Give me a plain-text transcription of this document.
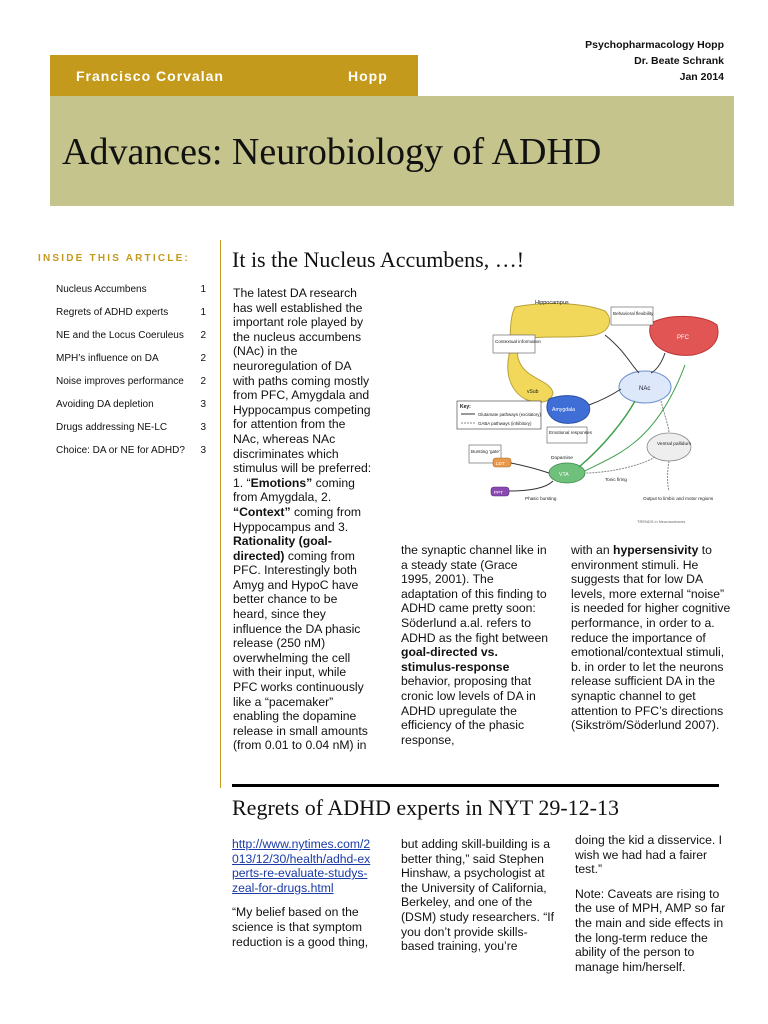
Psychopharmacology Hopp
Dr. Beate Schrank
Jan 2014
Francisco Corvalan	Hopp
Advances: Neurobiology of ADHD
INSIDE THIS ARTICLE:
Nucleus Accumbens	1
Regrets of ADHD experts	1
NE and the Locus Coeruleus 2
MPH’s influence on DA	2
Noise improves performance 2
Avoiding DA depletion	3
Drugs addressing NE-LC	3
Choice: DA or NE for ADHD? 3
It is the Nucleus Accumbens, …!
The latest DA research has well established the important role played by the nucleus accumbens (NAc) in the neuroregulation of DA with paths coming mostly from PFC, Amygdala and Hyppocampus competing for attention from the NAc, whereas NAc discriminates which stimulus will be preferred: 1. “Emotions” coming from Amygdala, 2. “Context” coming from Hyppocampus and 3. Rationality (goal-directed) coming from PFC. Interestingly both Amyg and HypoC have better chance to be heard, since they influence the DA phasic release (250 nM) overwhelming the cell with their input, while PFC works continuously like a “pacemaker” enabling the dopamine release in small amounts (from 0.01 to 0.04 nM) in
the synaptic channel like in a steady state (Grace 1995, 2001). The adaptation of this finding to ADHD came pretty soon: Söderlund a.al. refers to ADHD as the fight between goal-directed vs. stimulus-response behavior, proposing that cronic low levels of DA in ADHD upregulate the efficiency of the phasic response,
with an hypersensivity to environment stimuli. He suggests that for low DA levels, more external “noise” is needed for higher cognitive performance, in order to a. reduce the importance of emotional/contextual stimuli, b. in order to let the neurons release sufficient DA in the synaptic channel to get attention to PFC’s directions (Sikström/Söderlund 2007).
Hippocampus
vSub
Contextual information
PFC
Behavioral flexibility
NAc
Amygdala
Emotional responses
Key:
Glutamate pathways (excitatory)
GABA pathways (inhibitory)
Ventral pallidum
Bursting 'gate'
LDT
VTA
Dopamine
PPT
Phasic bursting
Tonic firing
Output to limbic and motor regions
TRENDS in Neurosciences
Regrets of ADHD experts in NYT 29-12-13

http://www.nytimes.com/2013/12/30/health/adhd-experts-re-evaluate-studys-zeal-for-drugs.html

“My belief based on the science is that symptom reduction is a good thing,

but adding skill-building is a better thing,” said Stephen Hinshaw, a psychologist at the University of California, Berkeley, and one of the (DSM) study researchers. “If you don’t provide skills-based training, you’re

doing the kid a disservice. I wish we had had a fairer test.”

Note: Caveats are rising to the use of MPH, AMP so far the main and side effects in the long-term reduce the ability of the person to manage him/herself.
